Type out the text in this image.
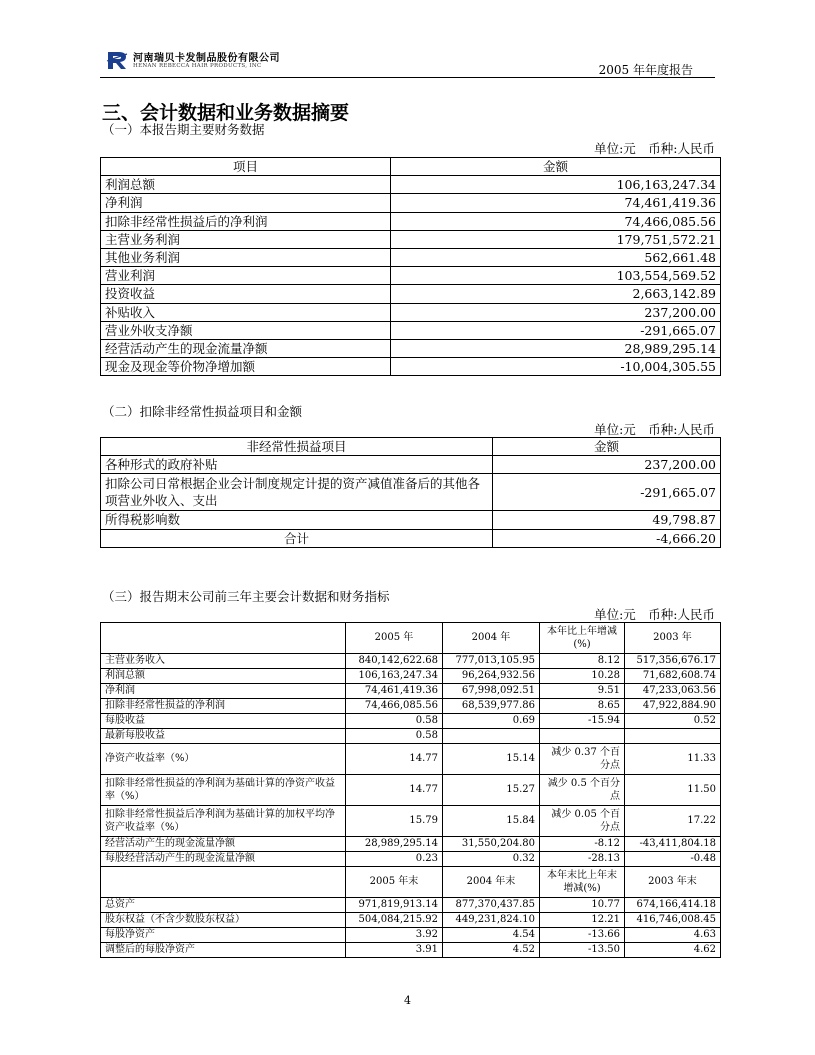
河南瑞贝卡发制品股份有限公司
HENAN REBECCA HAIR PRODUCTS, INC	2005 年年度报告
三、会计数据和业务数据摘要
（一）本报告期主要财务数据
单位:元　币种:人民币
项目	金额
利润总额	106,163,247.34
净利润	74,461,419.36
扣除非经常性损益后的净利润	74,466,085.56
主营业务利润	179,751,572.21
其他业务利润	562,661.48
营业利润	103,554,569.52
投资收益	2,663,142.89
补贴收入	237,200.00
营业外收支净额	-291,665.07
经营活动产生的现金流量净额	28,989,295.14
现金及现金等价物净增加额	-10,004,305.55
（二）扣除非经常性损益项目和金额
单位:元　币种:人民币
非经常性损益项目	金额
各种形式的政府补贴	237,200.00
扣除公司日常根据企业会计制度规定计提的资产减值准备后的其他各项营业外收入、支出	-291,665.07
所得税影响数	49,798.87
合计	-4,666.20
（三）报告期末公司前三年主要会计数据和财务指标
单位:元　币种:人民币
	2005 年	2004 年	本年比上年增减(%)	2003 年
主营业务收入	840,142,622.68	777,013,105.95	8.12	517,356,676.17
利润总额	106,163,247.34	96,264,932.56	10.28	71,682,608.74
净利润	74,461,419.36	67,998,092.51	9.51	47,233,063.56
扣除非经常性损益的净利润	74,466,085.56	68,539,977.86	8.65	47,922,884.90
每股收益	0.58	0.69	-15.94	0.52
最新每股收益	0.58			
净资产收益率（%）	14.77	15.14	减少 0.37 个百分点	11.33
扣除非经常性损益的净利润为基础计算的净资产收益率（%）	14.77	15.27	减少 0.5 个百分点	11.50
扣除非经常性损益后净利润为基础计算的加权平均净资产收益率（%）	15.79	15.84	减少 0.05 个百分点	17.22
经营活动产生的现金流量净额	28,989,295.14	31,550,204.80	-8.12	-43,411,804.18
每股经营活动产生的现金流量净额	0.23	0.32	-28.13	-0.48
	2005 年末	2004 年末	本年末比上年末增减(%)	2003 年末
总资产	971,819,913.14	877,370,437.85	10.77	674,166,414.18
股东权益（不含少数股东权益）	504,084,215.92	449,231,824.10	12.21	416,746,008.45
每股净资产	3.92	4.54	-13.66	4.63
调整后的每股净资产	3.91	4.52	-13.50	4.62
4
